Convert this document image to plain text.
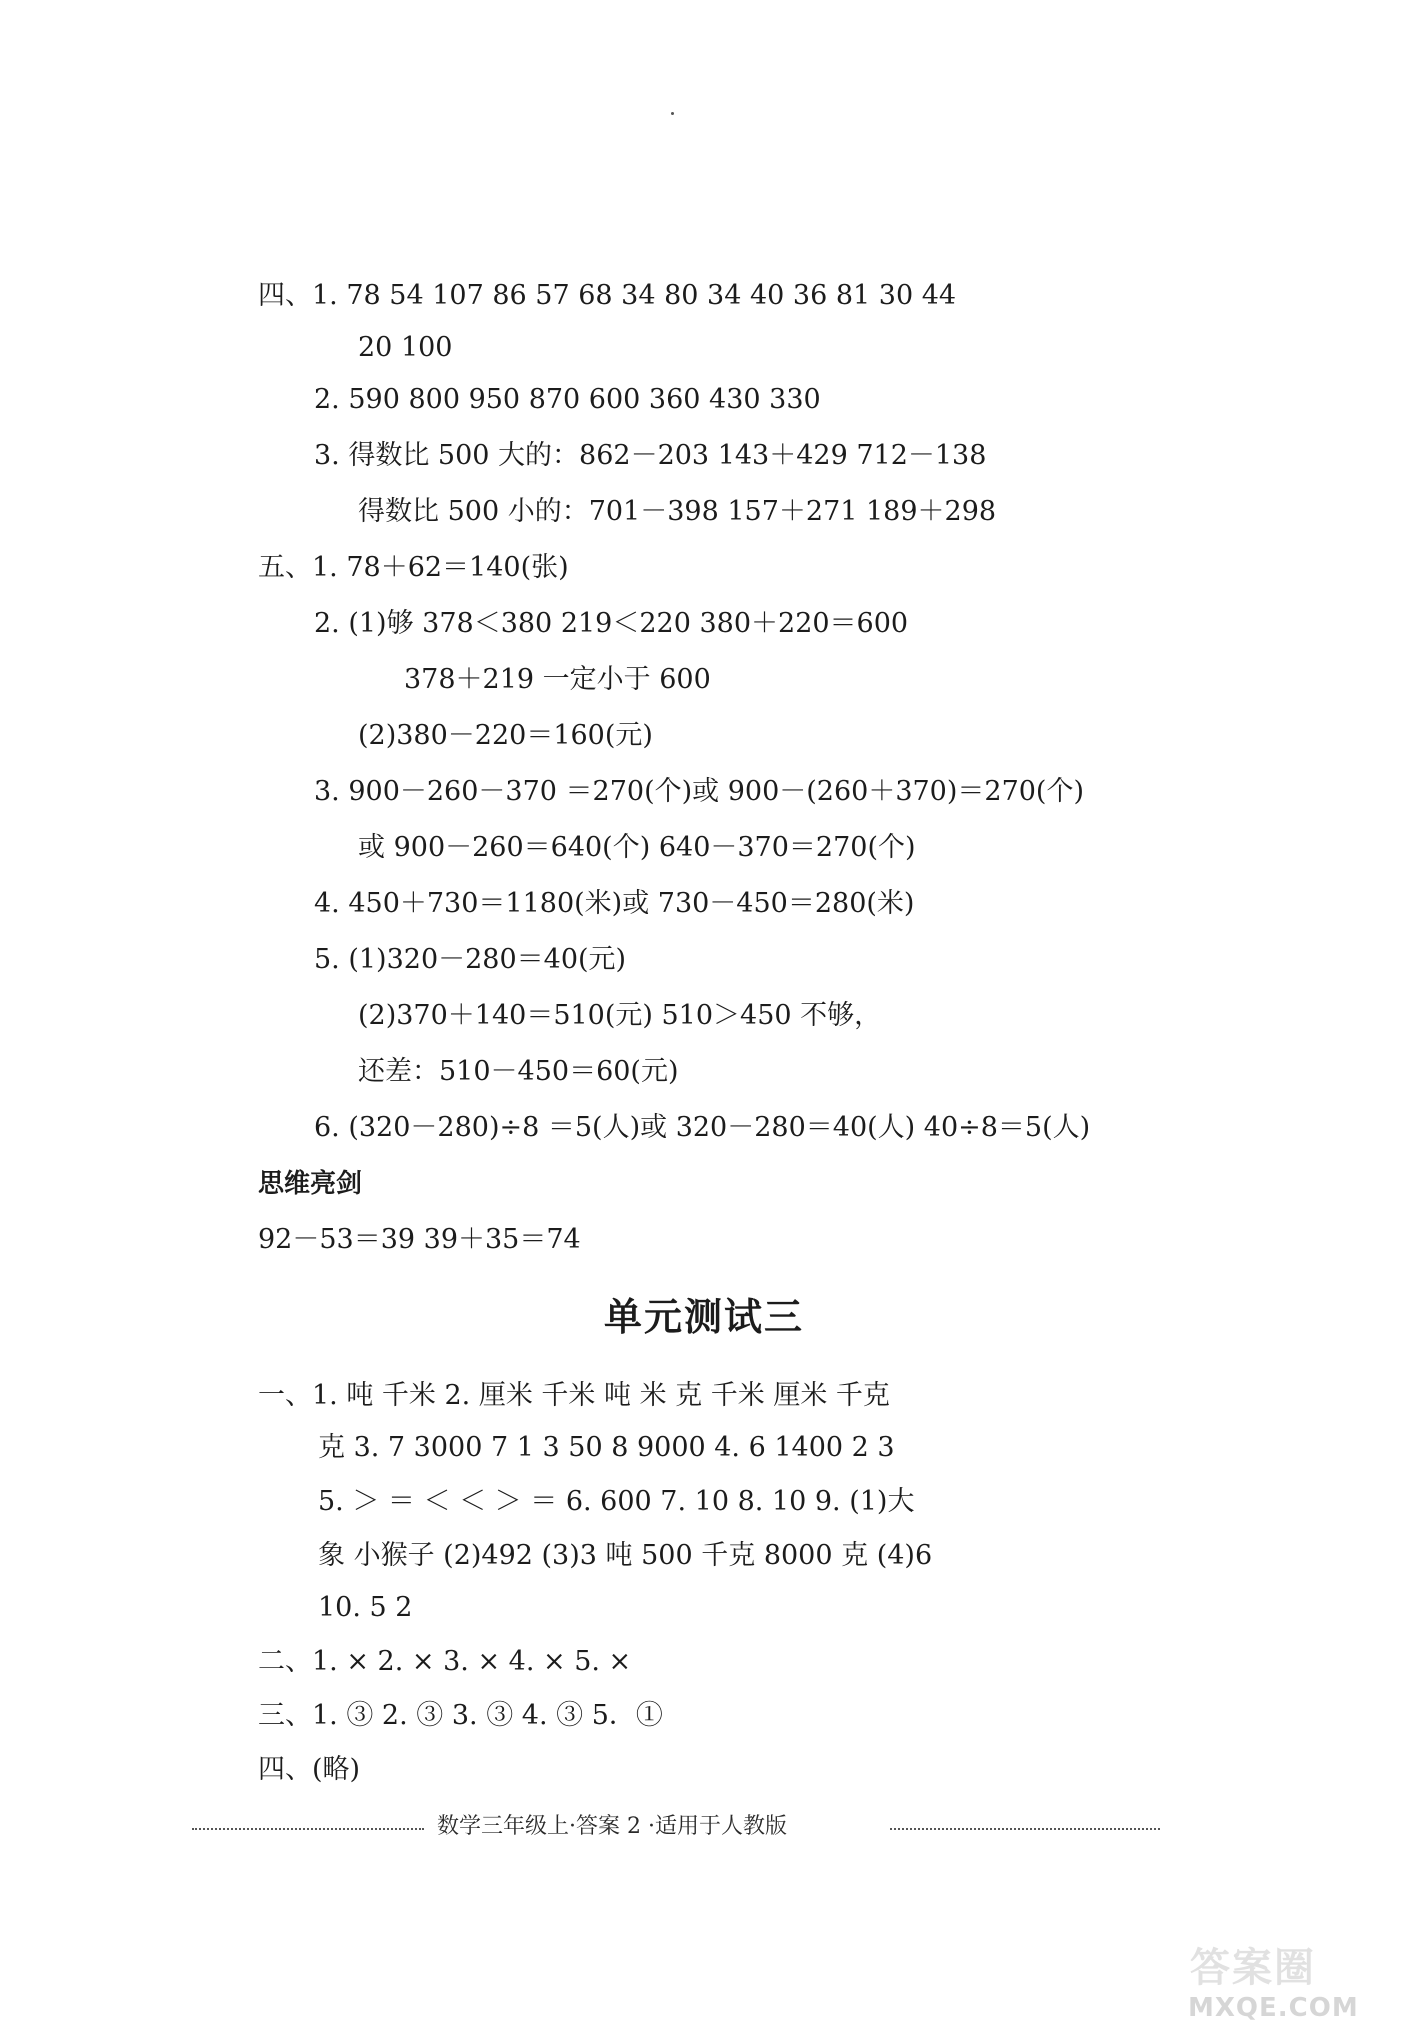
四、1. 78 54 107 86 57 68 34 80 34 40 36 81 30 44
20 100
2. 590 800 950 870 600 360 430 330
3. 得数比 500 大的：862－203 143＋429 712－138
得数比 500 小的：701－398 157＋271 189＋298
五、1. 78＋62＝140(张)
2. (1)够 378＜380 219＜220 380＋220＝600
378＋219 一定小于 600
(2)380－220＝160(元)
3. 900－260－370 ＝270(个)或 900－(260＋370)＝270(个)
或 900－260＝640(个) 640－370＝270(个)
4. 450＋730＝1180(米)或 730－450＝280(米)
5. (1)320－280＝40(元)
(2)370＋140＝510(元) 510＞450 不够，
还差：510－450＝60(元)
6. (320－280)÷8 ＝5(人)或 320－280＝40(人) 40÷8＝5(人)
思维亮剑
92－53＝39 39＋35＝74
单元测试三
一、1. 吨 千米 2. 厘米 千米 吨 米 克 千米 厘米 千克
克 3. 7 3000 7 1 3 50 8 9000 4. 6 1400 2 3
5. ＞ ＝ ＜ ＜ ＞ ＝ 6. 600 7. 10 8. 10 9. (1)大
象 小猴子 (2)492 (3)3 吨 500 千克 8000 克 (4)6
10. 5 2
二、1. × 2. × 3. × 4. × 5. ×
三、1. ③ 2. ③ 3. ③ 4. ③ 5．①
四、(略)
数学三年级上·答案 2 ·适用于人教版
答案圈
MXQE.COM
